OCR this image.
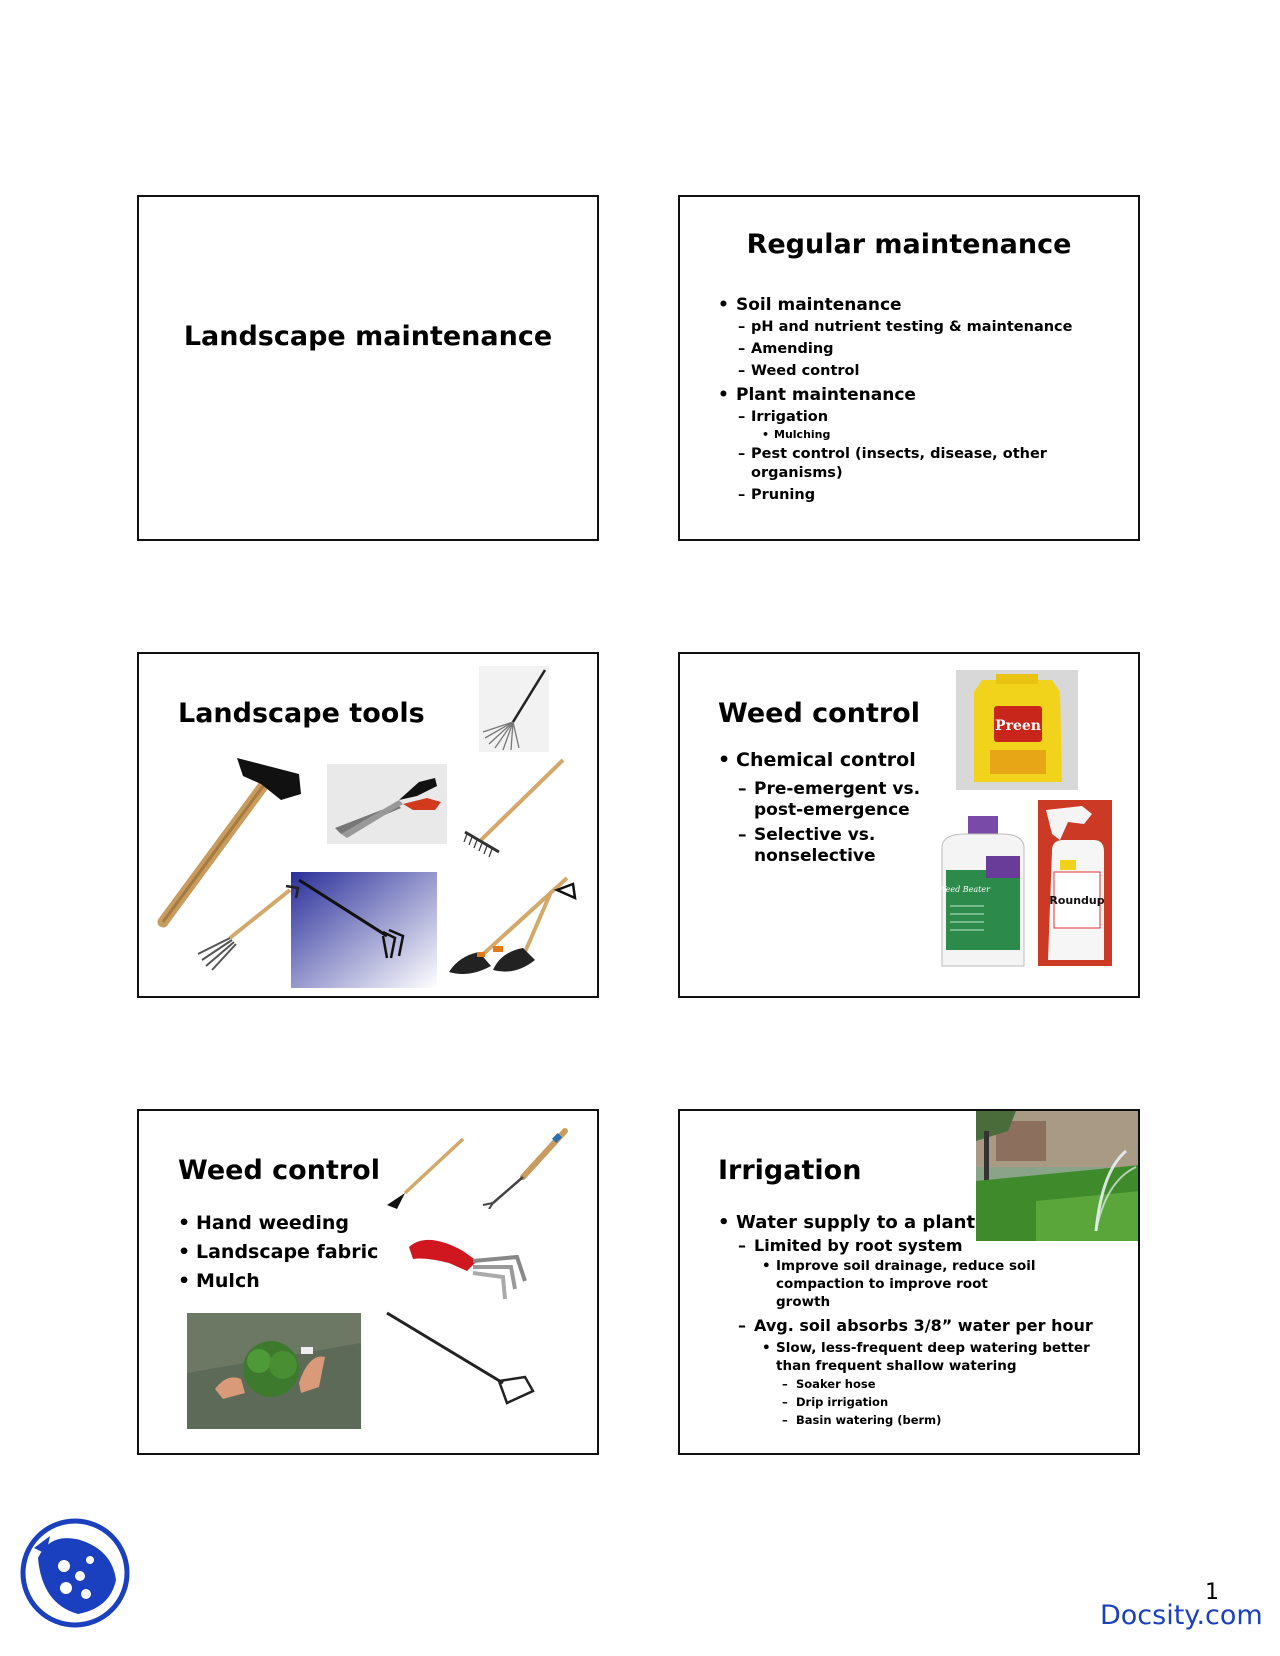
Landscape maintenance
Regular maintenance
• Soil maintenance
– pH and nutrient testing & maintenance
– Amending
– Weed control
• Plant maintenance
– Irrigation
• Mulching
– Pest control (insects, disease, other organisms)
– Pruning
Landscape tools	Weed control
• Chemical control
– Pre-emergent vs. post-emergence
– Selective vs. nonselective
Preen
Weed Beater
Roundup
Weed control
• Hand weeding
• Landscape fabric
• Mulch
Irrigation
• Water supply to a plant
– Limited by root system
• Improve soil drainage, reduce soil compaction to improve root growth
– Avg. soil absorbs 3/8” water per hour
• Slow, less-frequent deep watering better than frequent shallow watering
– Soaker hose
– Drip irrigation
– Basin watering (berm)
1
Docsity.com
